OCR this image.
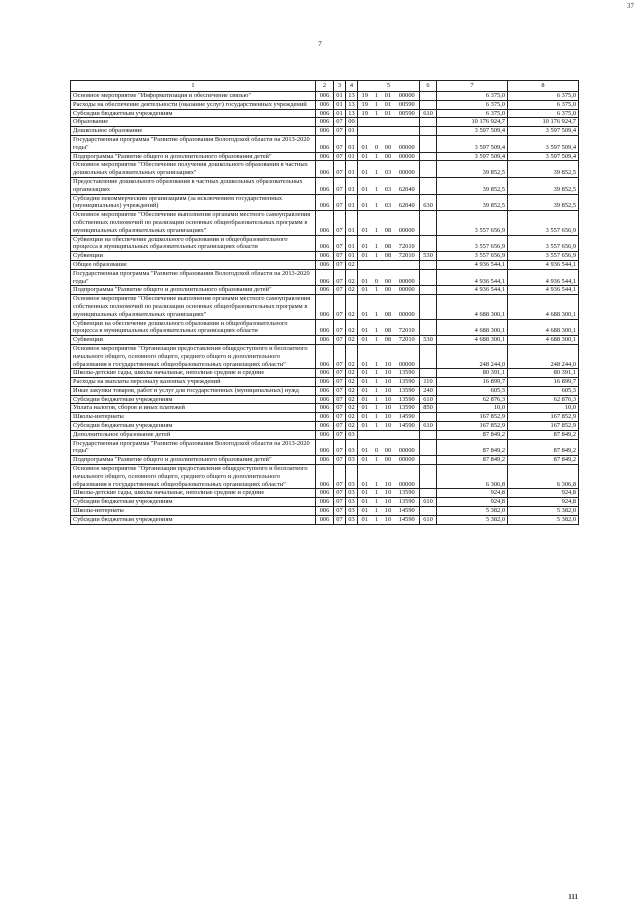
7
37
111
1	2	3	4	5				6	7	8
Основное мероприятие "Информатизация и обеспечение связью"	006	01	13	19	1	01	00000		6 375,0	6 375,0
Расходы на обеспечение деятельности (оказание услуг) государственных учреждений	006	01	13	19	1	01	00590		6 375,0	6 375,0
Субсидии бюджетным учреждениям	006	01	13	19	1	01	00590	610	6 375,0	6 375,0
Образование	006	07	00						10 176 924,7	10 176 924,7
Дошкольное образование	006	07	01						3 597 509,4	3 597 509,4
Государственная программа "Развитие образования Вологодской области на 2013-2020 годы"	006	07	01	01	0	00	00000		3 597 509,4	3 597 509,4
Подпрограмма "Развитие общего и дополнительного образования детей"	006	07	01	01	1	00	00000		3 597 509,4	3 597 509,4
Основное мероприятие "Обеспечение получения дошкольного образования в частных дошкольных образовательных организациях"	006	07	01	01	1	03	00000		39 852,5	39 852,5
Предоставление дошкольного образования в частных дошкольных образовательных организациях	006	07	01	01	1	03	62040		39 852,5	39 852,5
Субсидии некоммерческим организациям (за исключением государственных (муниципальных) учреждений)	006	07	01	01	1	03	62040	630	39 852,5	39 852,5
Основное мероприятие "Обеспечение выполнения органами местного самоуправления собственных полномочий по реализации основных общеобразовательных программ в муниципальных образовательных организациях"	006	07	01	01	1	08	00000		3 557 656,9	3 557 656,9
Субвенции на обеспечение дошкольного образования и общеобразовательного процесса в муниципальных образовательных организациях области	006	07	01	01	1	08	72010		3 557 656,9	3 557 656,9
Субвенции	006	07	01	01	1	08	72010	530	3 557 656,9	3 557 656,9
Общее образование	006	07	02						4 936 544,1	4 936 544,1
Государственная программа "Развитие образования Вологодской области на 2013-2020 годы"	006	07	02	01	0	00	00000		4 936 544,1	4 936 544,1
Подпрограмма "Развитие общего и дополнительного образования детей"	006	07	02	01	1	00	00000		4 936 544,1	4 936 544,1
Основное мероприятие "Обеспечение выполнения органами местного самоуправления собственных полномочий по реализации основных общеобразовательных программ в муниципальных образовательных организациях"	006	07	02	01	1	08	00000		4 688 300,1	4 688 300,1
Субвенции на обеспечение дошкольного образования и общеобразовательного процесса в муниципальных образовательных организациях области	006	07	02	01	1	08	72010		4 688 300,1	4 688 300,1
Субвенции	006	07	02	01	1	08	72010	530	4 688 300,1	4 688 300,1
Основное мероприятие "Организация предоставления общедоступного и бесплатного начального общего, основного общего, среднего общего и дополнительного образования в государственных общеобразовательных организациях области"	006	07	02	01	1	10	00000		248 244,0	248 244,0
Школы-детские сады, школы начальные, неполные средние и средние	006	07	02	01	1	10	13590		80 391,1	80 391,1
Расходы на выплаты персоналу казенных учреждений	006	07	02	01	1	10	13590	110	16 899,7	16 899,7
Иные закупки товаров, работ и услуг для государственных (муниципальных) нужд	006	07	02	01	1	10	13590	240	605,3	605,3
Субсидии бюджетным учреждениям	006	07	02	01	1	10	13590	610	62 876,3	62 876,3
Уплата налогов, сборов и иных платежей	006	07	02	01	1	10	13590	850	10,0	10,0
Школы-интернаты	006	07	02	01	1	10	14590		167 852,9	167 852,9
Субсидии бюджетным учреждениям	006	07	02	01	1	10	14590	610	167 852,9	167 852,9
Дополнительное образование детей	006	07	03						87 849,2	87 849,2
Государственная программа "Развитие образования Вологодской области на 2013-2020 годы"	006	07	03	01	0	00	00000		87 849,2	87 849,2
Подпрограмма "Развитие общего и дополнительного образования детей"	006	07	03	01	1	00	00000		87 849,2	87 849,2
Основное мероприятие "Организация предоставления общедоступного и бесплатного начального общего, основного общего, среднего общего и дополнительного образования в государственных общеобразовательных организациях области"	006	07	03	01	1	10	00000		6 306,8	6 306,8
Школы-детские сады, школы начальные, неполные средние и средние	006	07	03	01	1	10	13590		924,8	924,8
Субсидии бюджетным учреждениям	006	07	03	01	1	10	13590	610	924,8	924,8
Школы-интернаты	006	07	03	01	1	10	14590		5 382,0	5 382,0
Субсидии бюджетным учреждениям	006	07	03	01	1	10	14590	610	5 382,0	5 382,0
